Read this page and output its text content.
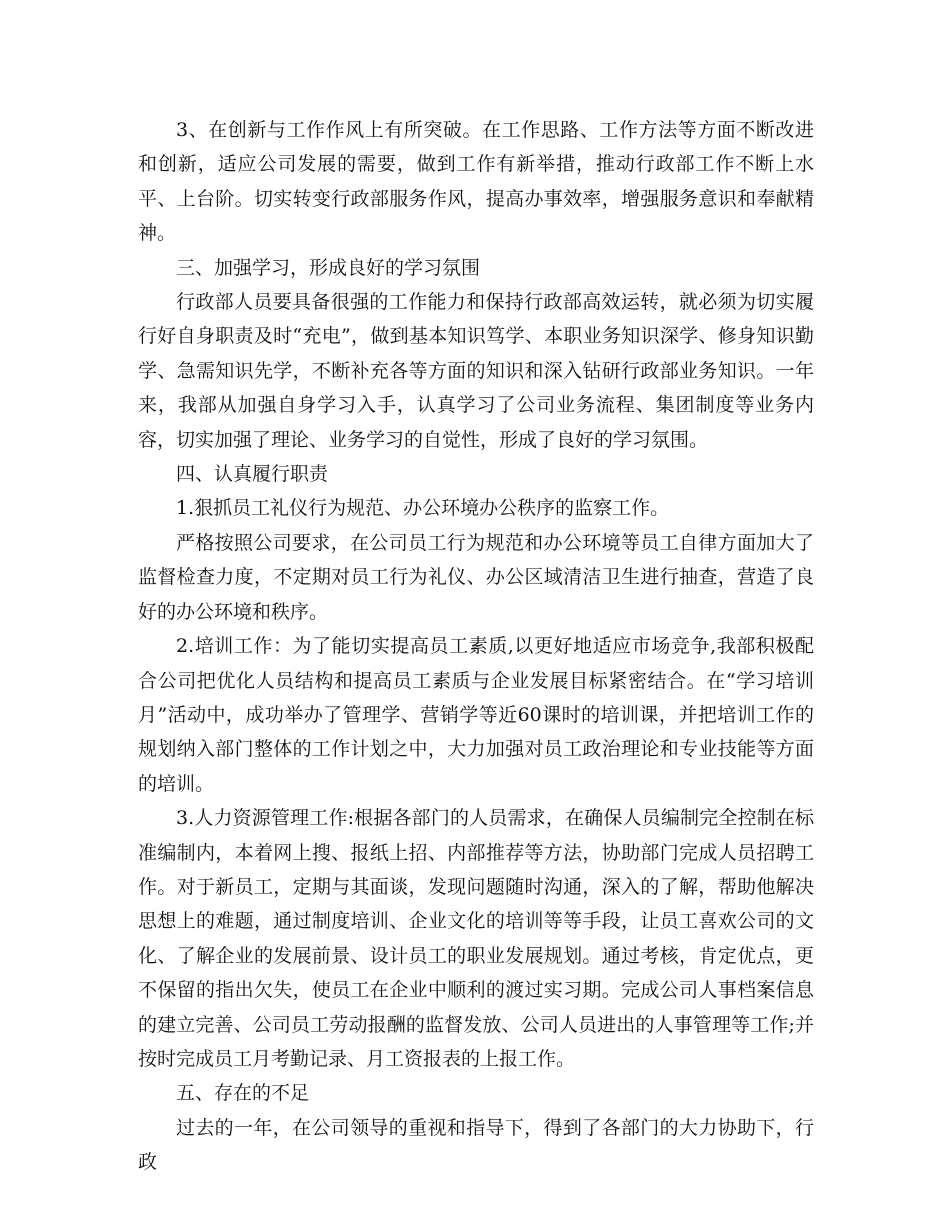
3、在创新与工作作风上有所突破。在工作思路、工作方法等方面不断改进和创新，适应公司发展的需要，做到工作有新举措，推动行政部工作不断上水平、上台阶。切实转变行政部服务作风，提高办事效率，增强服务意识和奉献精神。

三、加强学习，形成良好的学习氛围

行政部人员要具备很强的工作能力和保持行政部高效运转，就必须为切实履行好自身职责及时“充电”，做到基本知识笃学、本职业务知识深学、修身知识勤学、急需知识先学，不断补充各等方面的知识和深入钻研行政部业务知识。一年来，我部从加强自身学习入手，认真学习了公司业务流程、集团制度等业务内容，切实加强了理论、业务学习的自觉性，形成了良好的学习氛围。

四、认真履行职责

1.狠抓员工礼仪行为规范、办公环境办公秩序的监察工作。

严格按照公司要求，在公司员工行为规范和办公环境等员工自律方面加大了监督检查力度，不定期对员工行为礼仪、办公区域清洁卫生进行抽查，营造了良好的办公环境和秩序。

2.培训工作：为了能切实提高员工素质,以更好地适应市场竞争,我部积极配合公司把优化人员结构和提高员工素质与企业发展目标紧密结合。在“学习培训月”活动中，成功举办了管理学、营销学等近60课时的培训课，并把培训工作的规划纳入部门整体的工作计划之中，大力加强对员工政治理论和专业技能等方面的培训。

3.人力资源管理工作:根据各部门的人员需求，在确保人员编制完全控制在标准编制内，本着网上搜、报纸上招、内部推荐等方法，协助部门完成人员招聘工作。对于新员工，定期与其面谈，发现问题随时沟通，深入的了解，帮助他解决思想上的难题，通过制度培训、企业文化的培训等等手段，让员工喜欢公司的文化、了解企业的发展前景、设计员工的职业发展规划。通过考核，肯定优点，更不保留的指出欠失，使员工在企业中顺利的渡过实习期。完成公司人事档案信息的建立完善、公司员工劳动报酬的监督发放、公司人员进出的人事管理等工作;并按时完成员工月考勤记录、月工资报表的上报工作。

五、存在的不足

过去的一年，在公司领导的重视和指导下，得到了各部门的大力协助下，行政
